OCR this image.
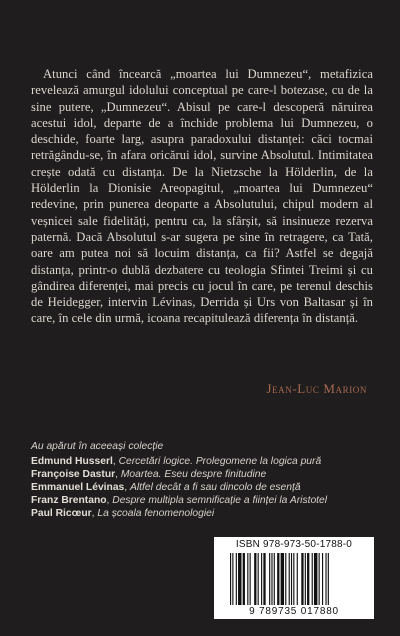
Atunci când încearcă „moartea lui Dumnezeu“, metafizica revelează amurgul idolului conceptual pe care-l botezase, cu de la sine putere, „Dumnezeu“. Abisul pe care-l descoperă năruirea acestui idol, departe de a închide problema lui Dumnezeu, o deschide, foarte larg, asupra paradoxului distanței: căci tocmai retrăgându-se, în afara oricărui idol, survine Absolutul. Intimitatea crește odată cu distanța. De la Nietzsche la Hölderlin, de la Hölderlin la Dionisie Areopagitul, „moartea lui Dumnezeu“ redevine, prin punerea deoparte a Absolutului, chipul modern al veșnicei sale fidelități, pentru ca, la sfârșit, să insinueze rezerva paternă. Dacă Absolutul s-ar sugera pe sine în retragere, ca Tată, oare am putea noi să locuim distanța, ca fii? Astfel se degajă distanța, printr-o dublă dezbatere cu teologia Sfintei Treimi și cu gândirea diferenței, mai precis cu jocul în care, pe terenul deschis de Heidegger, intervin Lévinas, Derrida și Urs von Baltasar și în care, în cele din urmă, icoana recapitulează diferența în distanță.

Jean-Luc Marion
Au apărut în aceeași colecție
Edmund Husserl, Cercetări logice. Prolegomene la logica pură
Françoise Dastur, Moartea. Eseu despre finitudine
Emmanuel Lévinas, Altfel decât a fi sau dincolo de esență
Franz Brentano, Despre multipla semnificație a ființei la Aristotel
Paul Ricœur, La școala fenomenologiei
ISBN 978-973-50-1788-0
9 789735 017880
